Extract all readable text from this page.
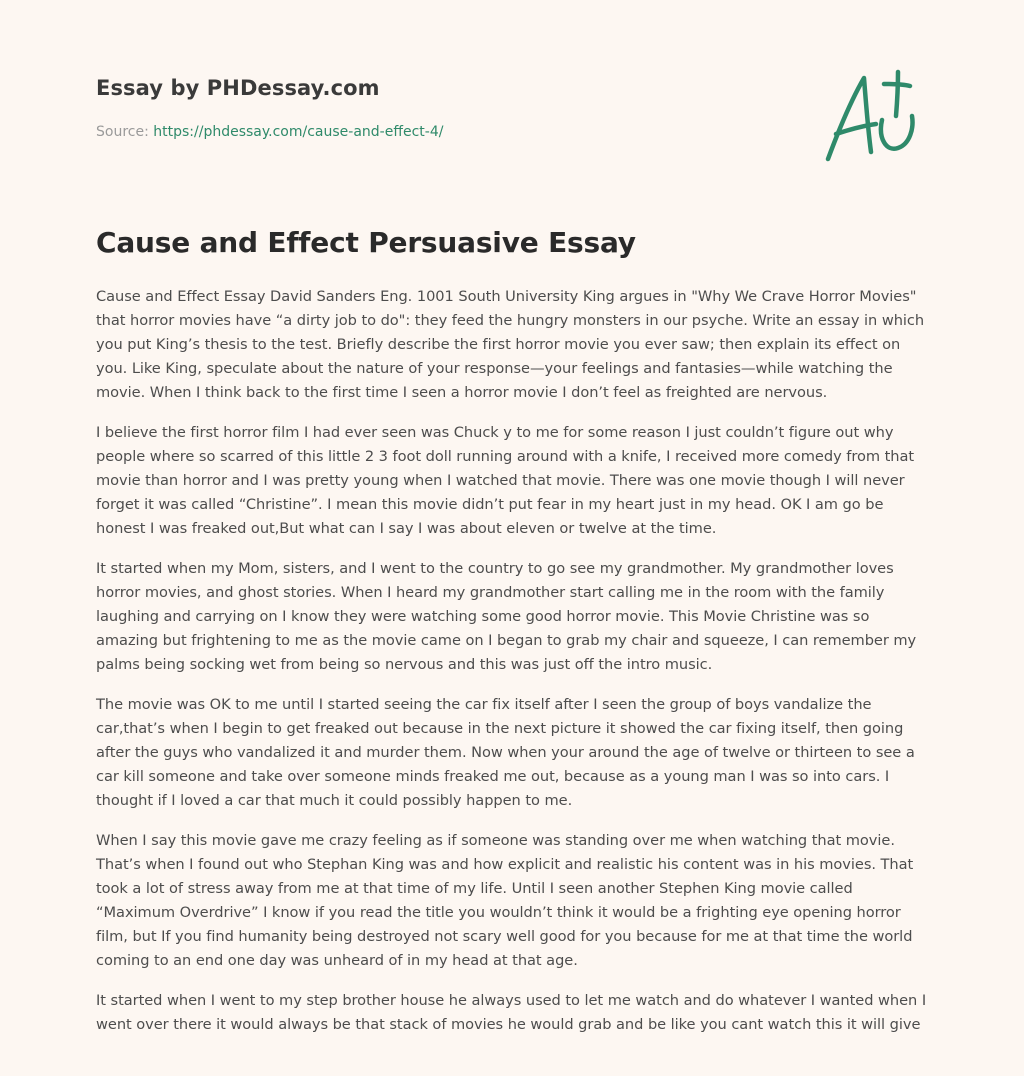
Essay by PHDessay.com

Source: https://phdessay.com/cause-and-effect-4/

Cause and Effect Persuasive Essay

Cause and Effect Essay David Sanders Eng. 1001 South University King argues in "Why We Crave Horror Movies" that horror movies have “a dirty job to do": they feed the hungry monsters in our psyche. Write an essay in which you put King’s thesis to the test. Briefly describe the first horror movie you ever saw; then explain its effect on you. Like King, speculate about the nature of your response—your feelings and fantasies—while watching the movie. When I think back to the first time I seen a horror movie I don’t feel as freighted are nervous.

I believe the first horror film I had ever seen was Chuck y to me for some reason I just couldn’t figure out why people where so scarred of this little 2 3 foot doll running around with a knife, I received more comedy from that movie than horror and I was pretty young when I watched that movie. There was one movie though I will never forget it was called “Christine”. I mean this movie didn’t put fear in my heart just in my head. OK I am go be honest I was freaked out,But what can I say I was about eleven or twelve at the time.

It started when my Mom, sisters, and I went to the country to go see my grandmother. My grandmother loves horror movies, and ghost stories. When I heard my grandmother start calling me in the room with the family laughing and carrying on I know they were watching some good horror movie. This Movie Christine was so amazing but frightening to me as the movie came on I began to grab my chair and squeeze, I can remember my palms being socking wet from being so nervous and this was just off the intro music.

The movie was OK to me until I started seeing the car fix itself after I seen the group of boys vandalize the car,that’s when I begin to get freaked out because in the next picture it showed the car fixing itself, then going after the guys who vandalized it and murder them. Now when your around the age of twelve or thirteen to see a car kill someone and take over someone minds freaked me out, because as a young man I was so into cars. I thought if I loved a car that much it could possibly happen to me.

When I say this movie gave me crazy feeling as if someone was standing over me when watching that movie. That’s when I found out who Stephan King was and how explicit and realistic his content was in his movies. That took a lot of stress away from me at that time of my life. Until I seen another Stephen King movie called “Maximum Overdrive” I know if you read the title you wouldn’t think it would be a frighting eye opening horror film, but If you find humanity being destroyed not scary well good for you because for me at that time the world coming to an end one day was unheard of in my head at that age.

It started when I went to my step brother house he always used to let me watch and do whatever I wanted when I went over there it would always be that stack of movies he would grab and be like you cant watch this it will give
